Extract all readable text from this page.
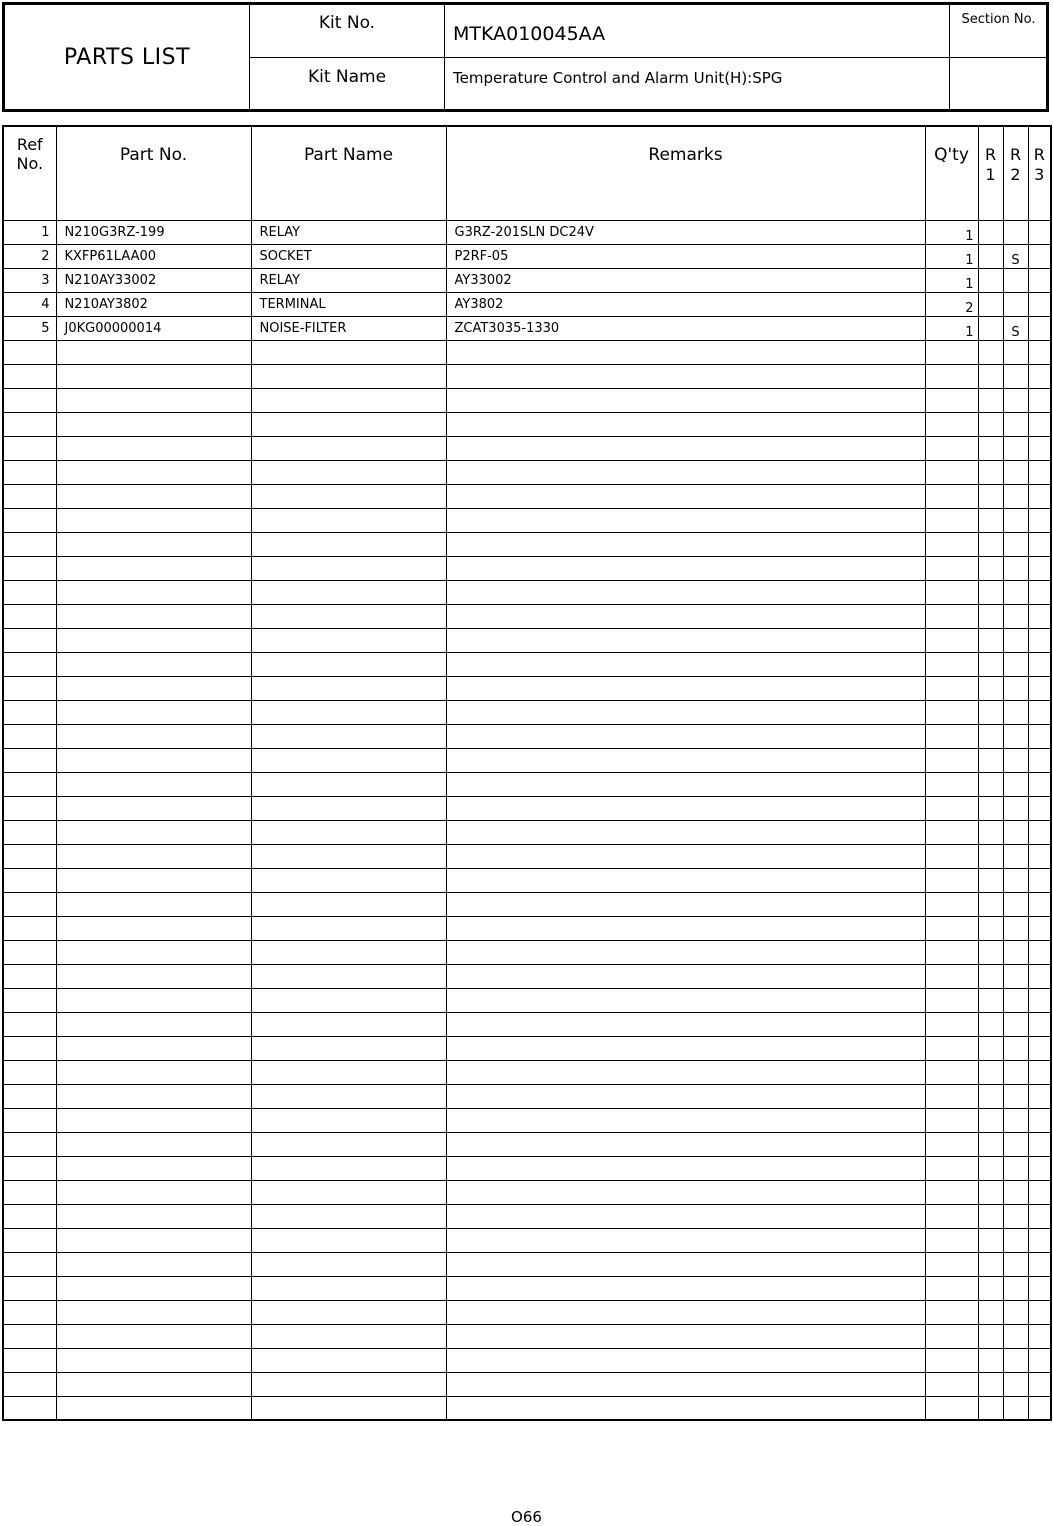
PARTS LIST
Kit No.	MTKA010045AA
Section No.
Kit Name	Temperature Control and Alarm Unit(H):SPG
Ref No.	Part No.	Part Name	Remarks	Q'ty	R 1	R 2	R 3

1	N210G3RZ-199	RELAY	G3RZ-201SLN DC24V	1			
2	KXFP61LAA00	SOCKET	P2RF-05	1		S	
3	N210AY33002	RELAY	AY33002	1			
4	N210AY3802	TERMINAL	AY3802	2			
5	J0KG00000014	NOISE-FILTER	ZCAT3035-1330	1		S	

O66
